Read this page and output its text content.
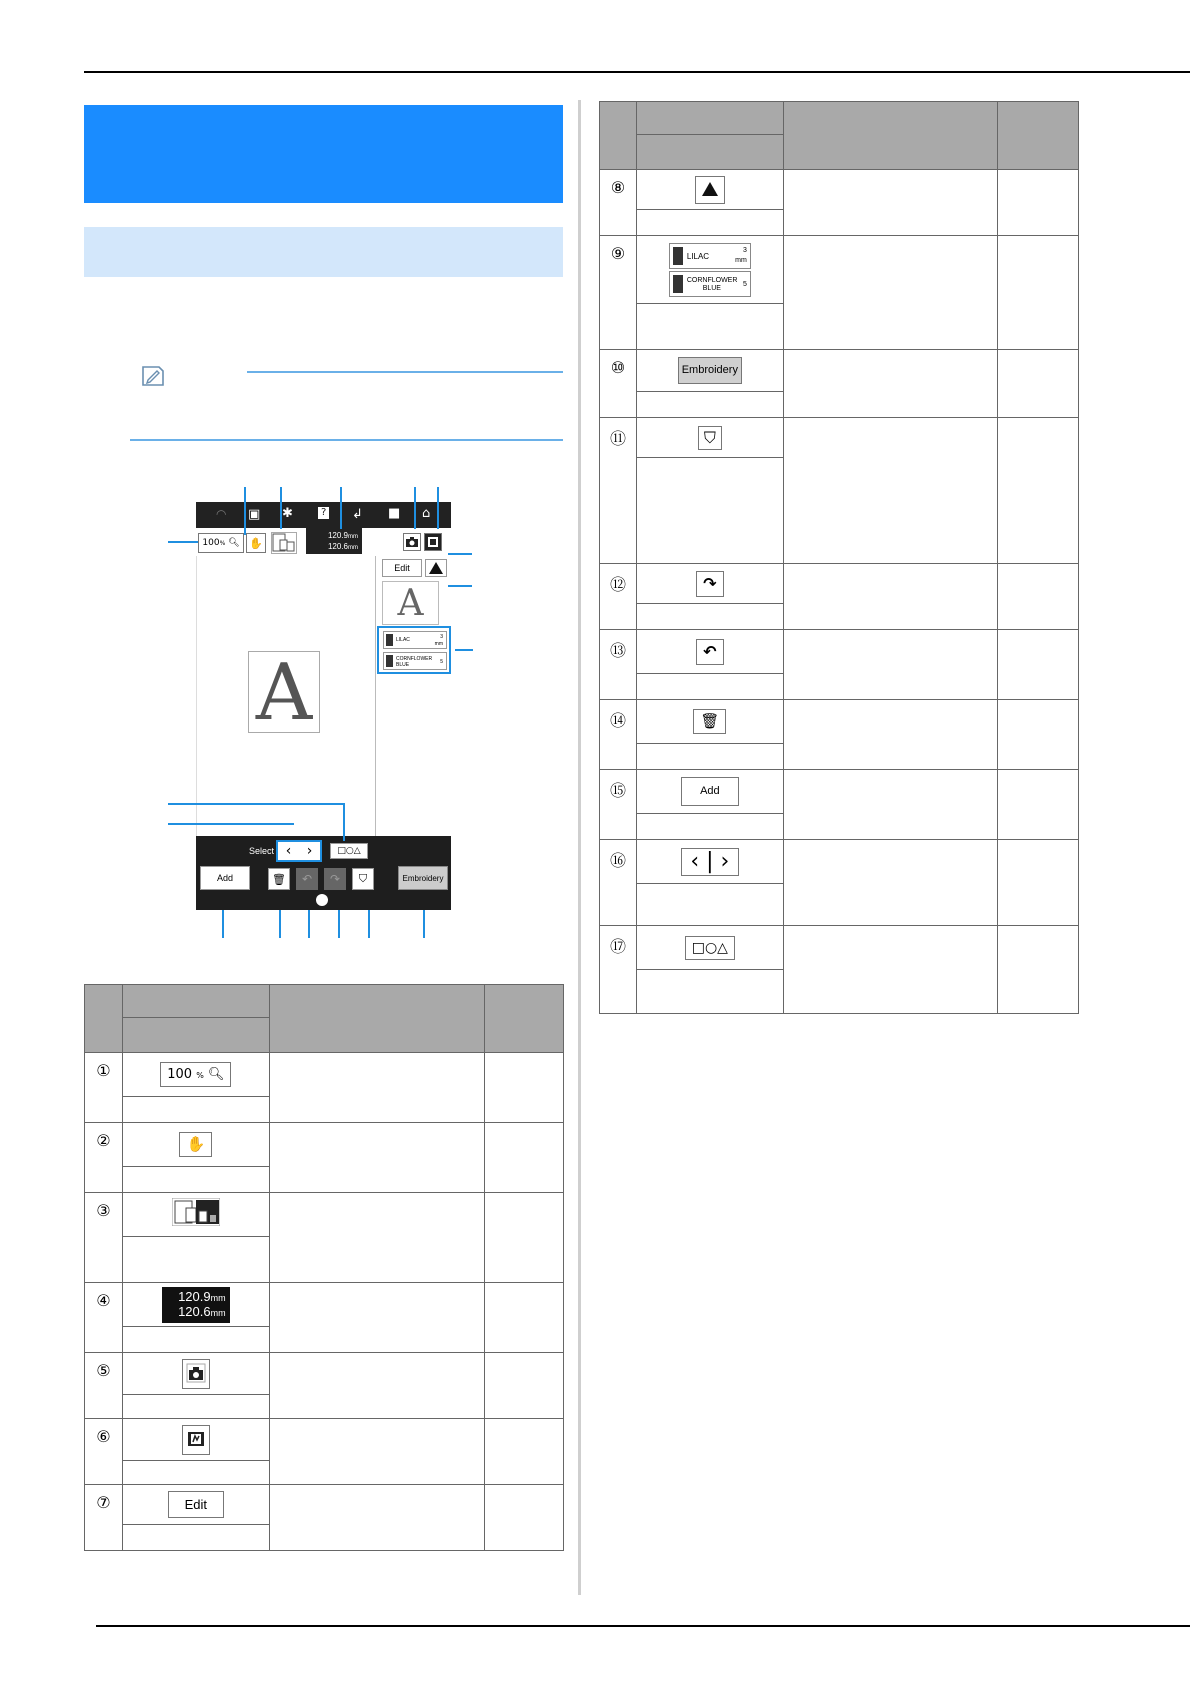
◠ ▣ ✱	? ↲ ■ ⌂
A
100 %
🔍︎ ✋
120.9mm
120.6mm
Edit
A
LILAC	3
mm
CORNFLOWER BLUE	5
Select ‹ ›	□○△
Add	🗑︎ ↶ ↷ ⛉	Embroidery

①	100 % 🔍︎		

②	✋		

③			

④	120.9mm
120.6mm		

⑤			

⑥			

⑦	Edit		

⑧			

⑨	LILAC
3
mm
CORNFLOWER BLUE
5		

⑩	Embroidery		

⑪	⛉		

⑫	↷		

⑬	↶		

⑭	🗑︎		

⑮	Add		

⑯	‹ | ›		

⑰	□○△		
